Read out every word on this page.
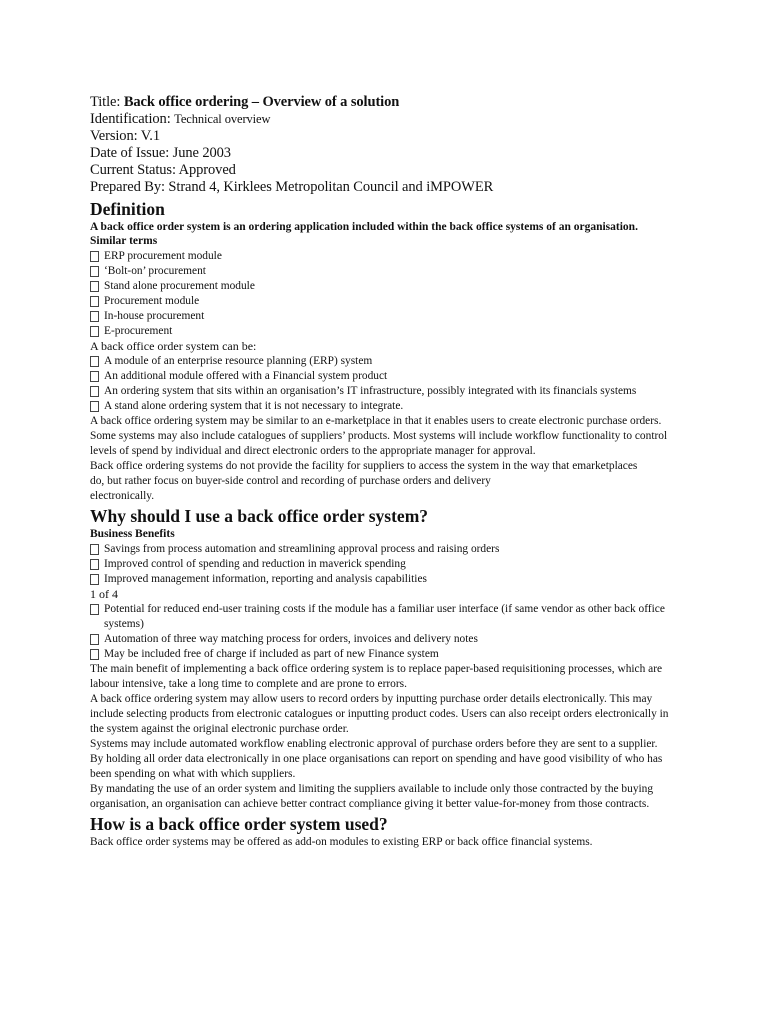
Title: Back office ordering – Overview of a solution
Identification: Technical overview
Version: V.1
Date of Issue: June 2003
Current Status: Approved
Prepared By: Strand 4, Kirklees Metropolitan Council and iMPOWER
Definition

A back office order system is an ordering application included within the back office systems of an organisation.

Similar terms

ERP procurement module
‘Bolt-on’ procurement
Stand alone procurement module
Procurement module
In-house procurement
E-procurement

A back office order system can be:

A module of an enterprise resource planning (ERP) system
An additional module offered with a Financial system product
An ordering system that sits within an organisation’s IT infrastructure, possibly integrated with its financials systems
A stand alone ordering system that it is not necessary to integrate.

A back office ordering system may be similar to an e-marketplace in that it enables users to create electronic purchase orders. Some systems may also include catalogues of suppliers’ products. Most systems will include workflow functionality to control levels of spend by individual and direct electronic orders to the appropriate manager for approval.

Back office ordering systems do not provide the facility for suppliers to access the system in the way that emarketplaces

do, but rather focus on buyer-side control and recording of purchase orders and delivery

electronically.

Why should I use a back office order system?

Business Benefits

Savings from process automation and streamlining approval process and raising orders
Improved control of spending and reduction in maverick spending
Improved management information, reporting and analysis capabilities

1 of 4

Potential for reduced end-user training costs if the module has a familiar user interface (if same vendor as other back office systems)
Automation of three way matching process for orders, invoices and delivery notes
May be included free of charge if included as part of new Finance system

The main benefit of implementing a back office ordering system is to replace paper-based requisitioning processes, which are labour intensive, take a long time to complete and are prone to errors.

A back office ordering system may allow users to record orders by inputting purchase order details electronically. This may include selecting products from electronic catalogues or inputting product codes. Users can also receipt orders electronically in the system against the original electronic purchase order.

Systems may include automated workflow enabling electronic approval of purchase orders before they are sent to a supplier.

By holding all order data electronically in one place organisations can report on spending and have good visibility of who has been spending on what with which suppliers.

By mandating the use of an order system and limiting the suppliers available to include only those contracted by the buying organisation, an organisation can achieve better contract compliance giving it better value-for-money from those contracts.

How is a back office order system used?

Back office order systems may be offered as add-on modules to existing ERP or back office financial systems.
